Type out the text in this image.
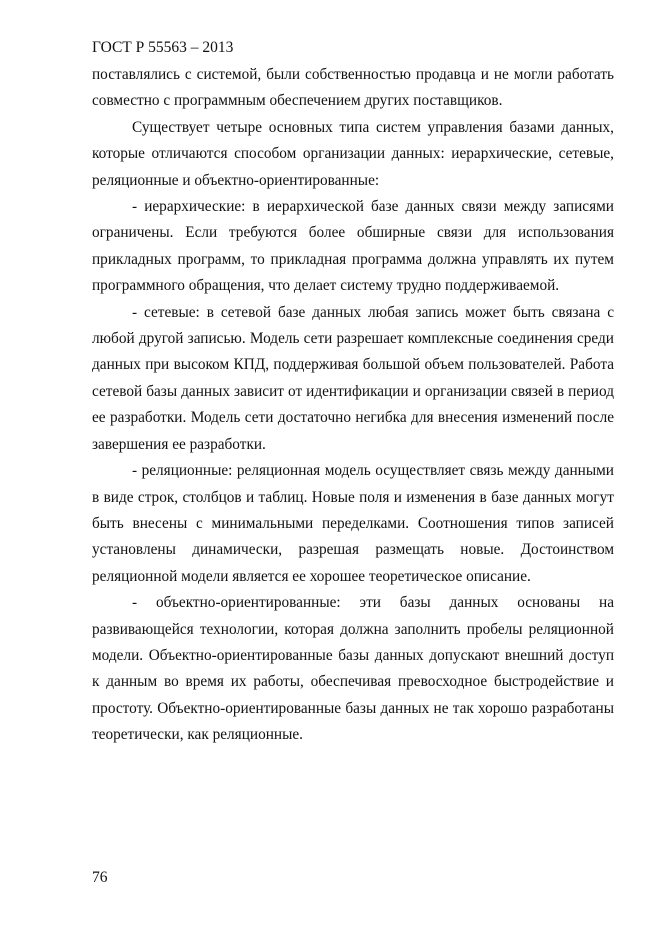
ГОСТ Р 55563 – 2013

поставлялись с системой, были собственностью продавца и не могли работать совместно с программным обеспечением других поставщиков.

Существует четыре основных типа систем управления базами данных, которые отличаются способом организации данных: иерархические, сетевые, реляционные и объектно-ориентированные:

- иерархические: в иерархической базе данных связи между записями ограничены. Если требуются более обширные связи для использования прикладных программ, то прикладная программа должна управлять их путем программного обращения, что делает систему трудно поддерживаемой.

- сетевые: в сетевой базе данных любая запись может быть связана с любой другой записью. Модель сети разрешает комплексные соединения среди данных при высоком КПД, поддерживая большой объем пользователей. Работа сетевой базы данных зависит от идентификации и организации связей в период ее разработки. Модель сети достаточно негибка для внесения изменений после завершения ее разработки.

- реляционные: реляционная модель осуществляет связь между данными в виде строк, столбцов и таблиц. Новые поля и изменения в базе данных могут быть внесены с минимальными переделками. Соотношения типов записей установлены динамически, разрешая размещать новые. Достоинством реляционной модели является ее хорошее теоретическое описание.

- объектно-ориентированные: эти базы данных основаны на развивающейся технологии, которая должна заполнить пробелы реляционной модели. Объектно-ориентированные базы данных допускают внешний доступ к данным во время их работы, обеспечивая превосходное быстродействие и простоту. Объектно-ориентированные базы данных не так хорошо разработаны теоретически, как реляционные.

76
